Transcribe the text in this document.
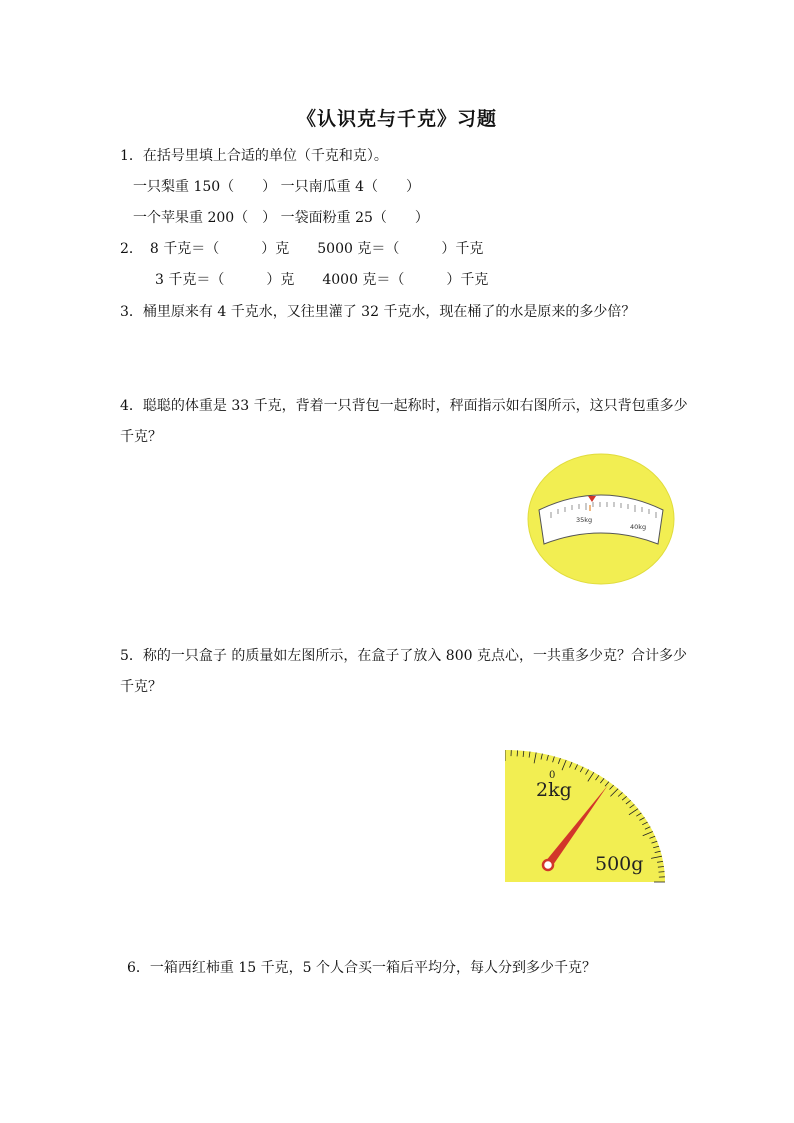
《认识克与千克》习题
1．在括号里填上合适的单位（千克和克）。
一只梨重 150（　　） 一只南瓜重 4（　　）
一个苹果重 200（　） 一袋面粉重 25（　　）
2．　8 千克＝（　　　）克　　5000 克＝（　　　）千克
3 千克＝（　　　）克　　4000 克＝（　　　）千克
3．桶里原来有 4 千克水，又往里灌了 32 千克水，现在桶了的水是原来的多少倍？
4．聪聪的体重是 33 千克，背着一只背包一起称时，秤面指示如右图所示，这只背包重多少
千克？
35kg
40kg
5．称的一只盒子 的质量如左图所示，在盒子了放入 800 克点心，一共重多少克？合计多少
千克？
0
2kg
500g
6．一箱西红柿重 15 千克，5 个人合买一箱后平均分，每人分到多少千克？
